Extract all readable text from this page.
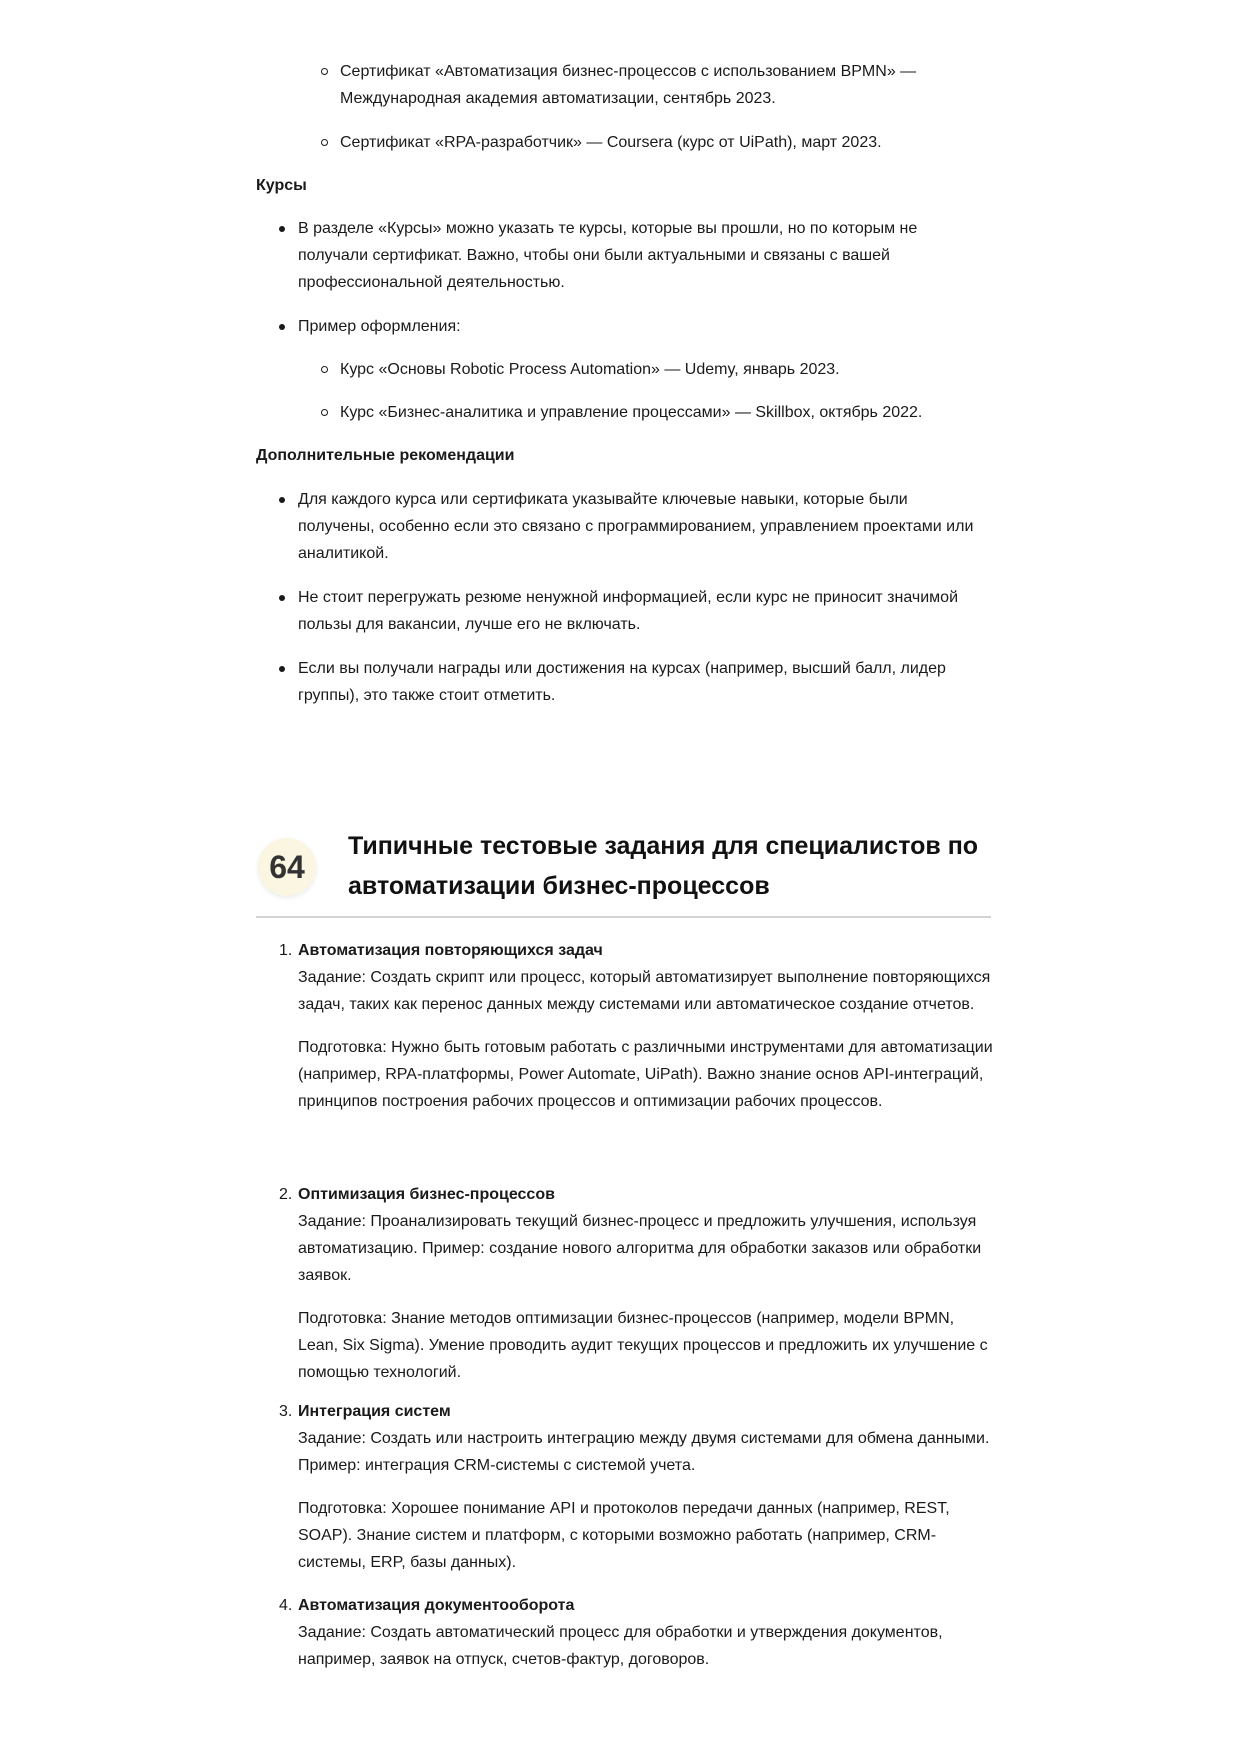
Сертификат «Автоматизация бизнес-процессов с использованием BPMN» — Международная академия автоматизации, сентябрь 2023.

Сертификат «RPA-разработчик» — Coursera (курс от UiPath), март 2023.

Курсы

В разделе «Курсы» можно указать те курсы, которые вы прошли, но по которым не получали сертификат. Важно, чтобы они были актуальными и связаны с вашей профессиональной деятельностью.

Пример оформления:

Курс «Основы Robotic Process Automation» — Udemy, январь 2023.

Курс «Бизнес-аналитика и управление процессами» — Skillbox, октябрь 2022.

Дополнительные рекомендации

Для каждого курса или сертификата указывайте ключевые навыки, которые были получены, особенно если это связано с программированием, управлением проектами или аналитикой.

Не стоит перегружать резюме ненужной информацией, если курс не приносит значимой пользы для вакансии, лучше его не включать.

Если вы получали награды или достижения на курсах (например, высший балл, лидер группы), это также стоит отметить.

64
Типичные тестовые задания для специалистов по автоматизации бизнес-процессов
1. Автоматизация повторяющихся задач

Задание: Создать скрипт или процесс, который автоматизирует выполнение повторяющихся задач, таких как перенос данных между системами или автоматическое создание отчетов.

Подготовка: Нужно быть готовым работать с различными инструментами для автоматизации (например, RPA-платформы, Power Automate, UiPath). Важно знание основ API-интеграций, принципов построения рабочих процессов и оптимизации рабочих процессов.

2. Оптимизация бизнес-процессов

Задание: Проанализировать текущий бизнес-процесс и предложить улучшения, используя автоматизацию. Пример: создание нового алгоритма для обработки заказов или обработки заявок.

Подготовка: Знание методов оптимизации бизнес-процессов (например, модели BPMN, Lean, Six Sigma). Умение проводить аудит текущих процессов и предложить их улучшение с помощью технологий.

3. Интеграция систем

Задание: Создать или настроить интеграцию между двумя системами для обмена данными. Пример: интеграция CRM-системы с системой учета.

Подготовка: Хорошее понимание API и протоколов передачи данных (например, REST, SOAP). Знание систем и платформ, с которыми возможно работать (например, CRM-системы, ERP, базы данных).

4. Автоматизация документооборота

Задание: Создать автоматический процесс для обработки и утверждения документов, например, заявок на отпуск, счетов-фактур, договоров.
